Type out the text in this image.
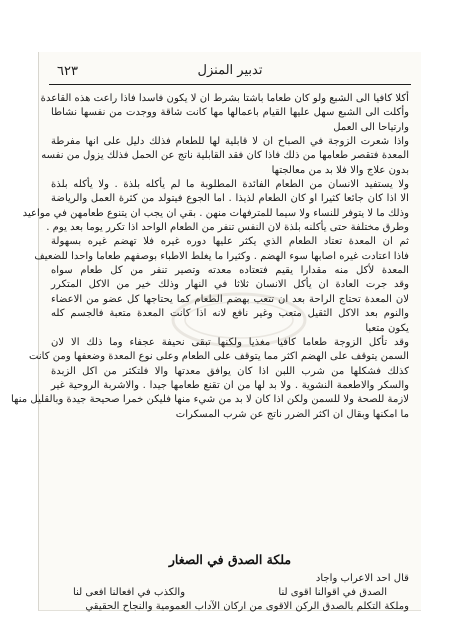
٦٢٣	تدبير المنزل
أكلا كافيا الى الشبع ولو كان طعاما باشتا بشرط ان لا يكون فاسدا فاذا راعت هذه القاعدة
وأكلت الى الشبع سهل عليها القيام باعمالها مها كانت شاقة ووجدت من نفسها نشاطا
وارتياحا الى العمل
واذا شعرت الزوجة في الصباح ان لا قابلية لها للطعام فذلك دليل على انها مفرطة
المعدة فتقصر طعامها من ذلك فاذا كان فقد القابلية ناتج عن الحمل فذلك يزول من نفسه
بدون علاج والا فلا بد من معالجتها
ولا يستفيد الانسان من الطعام الفائدة المطلوبة ما لم يأكله بلذة . ولا يأكله بلذة
الا اذا كان جائعا كثيرا او كان الطعام لذيذا . اما الجوع فيتولد من كثرة العمل والرياضة
وذلك ما لا يتوفر للنساء ولا سيما للمترفهات منهن . بقي ان يجب ان يتنوع طعامهن في مواعيد
وطرق مختلفة حتى يأكلنه بلذة لان النفس تنفر من الطعام الواحد اذا تكرر يوما بعد يوم .
ثم ان المعدة تعتاد الطعام الذي يكثر عليها دوره غيره فلا تهضم غيره بسهولة
فاذا اعتادت غيره اصابها سوء الهضم . وكثيرا ما يغلط الاطباء بوصفهم طعاما واحدا للضعيف
المعدة لأكل منه مقدارا يقيم فتعتاده معدته وتصير تنفر من كل طعام سواه
وقد جرت العادة ان يأكل الانسان ثلاثا في النهار وذلك خير من الاكل المتكرر
لان المعدة تحتاج الراحة بعد ان تتعب بهضم الطعام كما يحتاجها كل عضو من الاعضاء
والنوم بعد الاكل الثقيل متعب وغير نافع لانه اذا كانت المعدة متعبة فالجسم كله
يكون متعبا
وقد تأكل الزوجة طعاما كافيا مغذيا ولكنها تبقى نحيفة عجفاء وما ذلك الا لان
السمن يتوقف على الهضم اكثر مما يتوقف على الطعام وعلى نوع المعدة وضعفها ومن كانت
كذلك فشكلها من شرب اللبن اذا كان يوافق معدتها والا فلتكثر من اكل الزبدة
والسكر والاطعمة النشوية . ولا بد لها من ان تقنع طعامها جيدا . والاشربة الروحية غير
لازمة للصحة ولا للسمن ولكن اذا كان لا بد من شيء منها فليكن خمرا صحيحة جيدة وبالقليل منها
ما امكنها وبقال ان اكثر الضرر ناتج عن شرب المسكرات
ملكة الصدق في الصغار
قال احد الاعراب واجاد
الصدق في اقوالنا اقوى لنا
والكذب في افعالنا افعى لنا
وملكة التكلم بالصدق الركن الاقوى من اركان الآداب العمومية والنجاح الحقيقي
